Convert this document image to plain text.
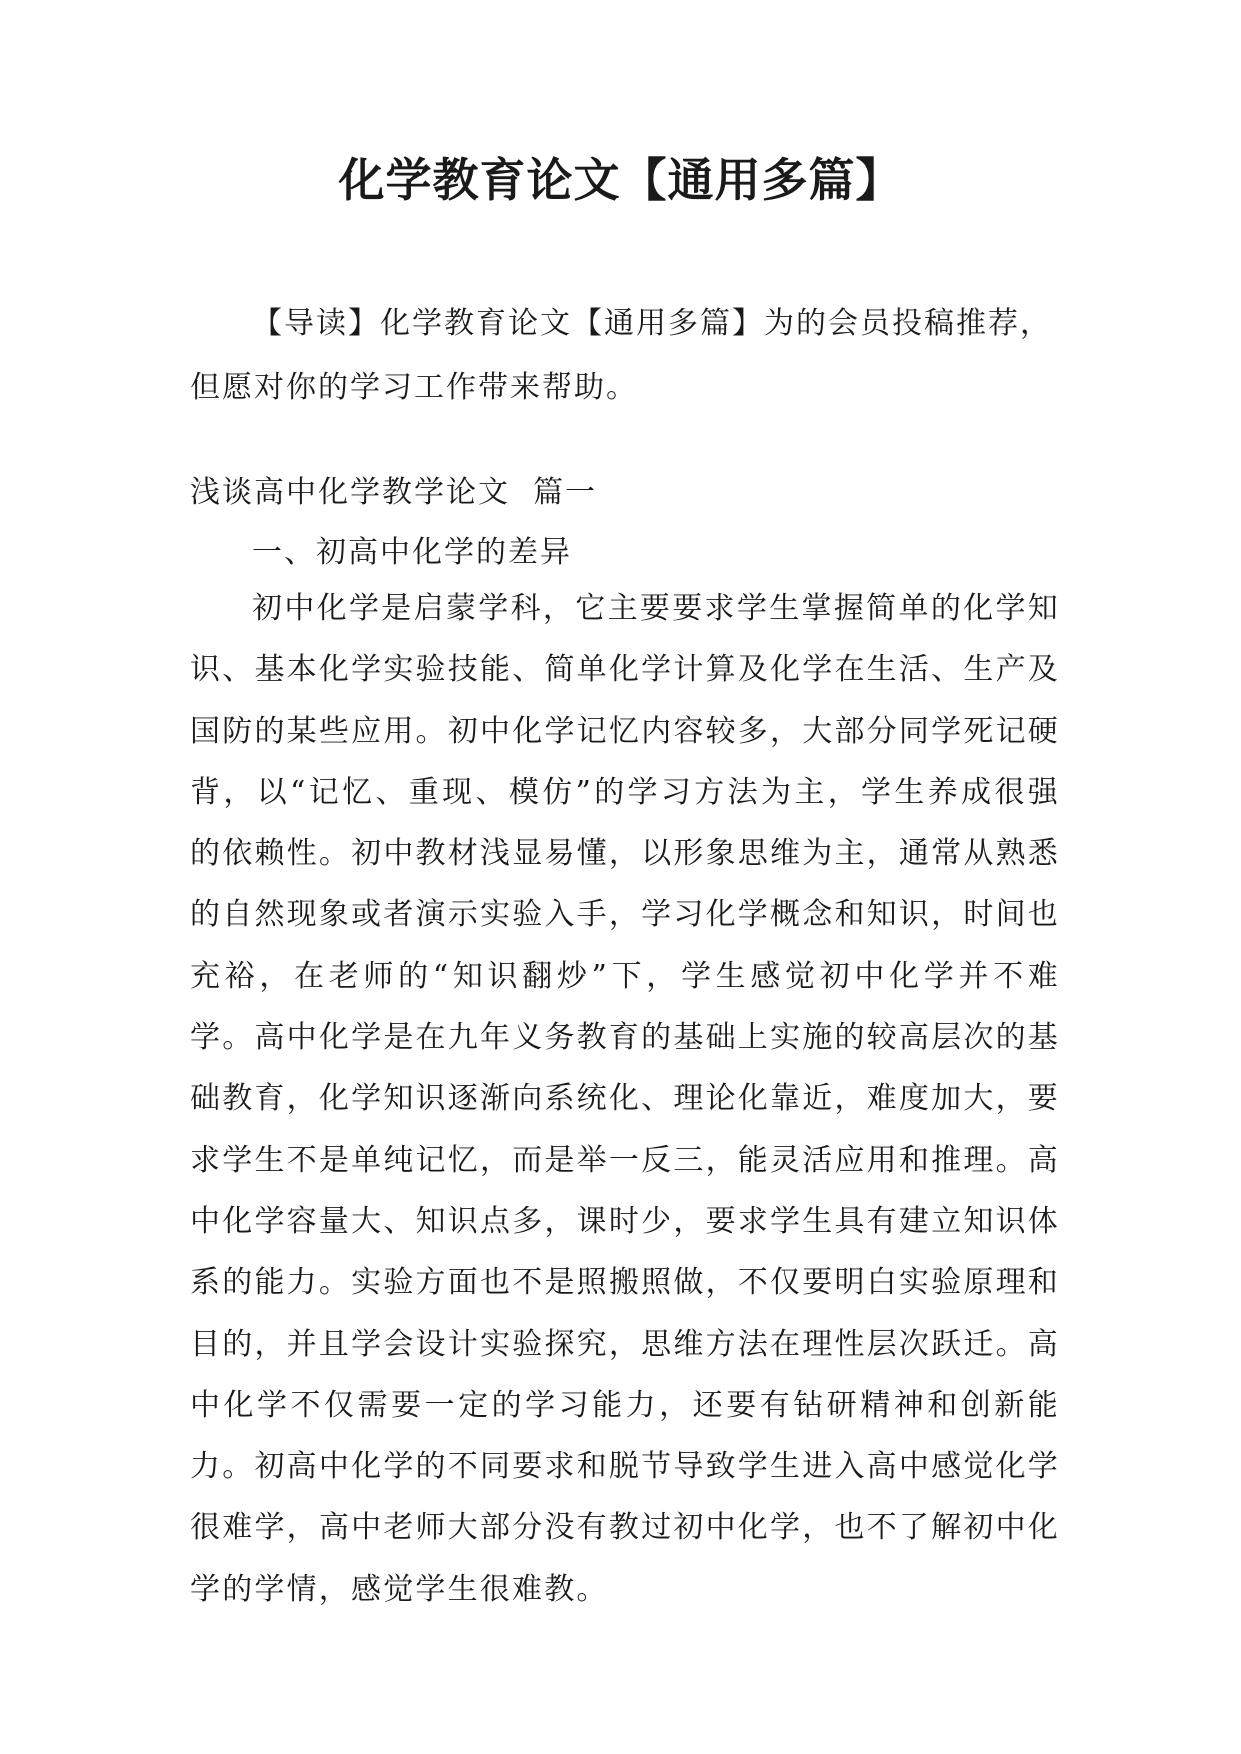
化学教育论文【通用多篇】

【导读】化学教育论文【通用多篇】为的会员投稿推荐，但愿对你的学习工作带来帮助。

浅谈高中化学教学论文  篇一

一、初高中化学的差异

初中化学是启蒙学科，它主要要求学生掌握简单的化学知识、基本化学实验技能、简单化学计算及化学在生活、生产及国防的某些应用。初中化学记忆内容较多，大部分同学死记硬背，以“记忆、重现、模仿”的学习方法为主，学生养成很强的依赖性。初中教材浅显易懂，以形象思维为主，通常从熟悉的自然现象或者演示实验入手，学习化学概念和知识，时间也充裕，在老师的“知识翻炒”下，学生感觉初中化学并不难学。高中化学是在九年义务教育的基础上实施的较高层次的基础教育，化学知识逐渐向系统化、理论化靠近，难度加大，要求学生不是单纯记忆，而是举一反三，能灵活应用和推理。高中化学容量大、知识点多，课时少，要求学生具有建立知识体系的能力。实验方面也不是照搬照做，不仅要明白实验原理和目的，并且学会设计实验探究，思维方法在理性层次跃迁。高中化学不仅需要一定的学习能力，还要有钻研精神和创新能力。初高中化学的不同要求和脱节导致学生进入高中感觉化学很难学，高中老师大部分没有教过初中化学，也不了解初中化学的学情，感觉学生很难教。
